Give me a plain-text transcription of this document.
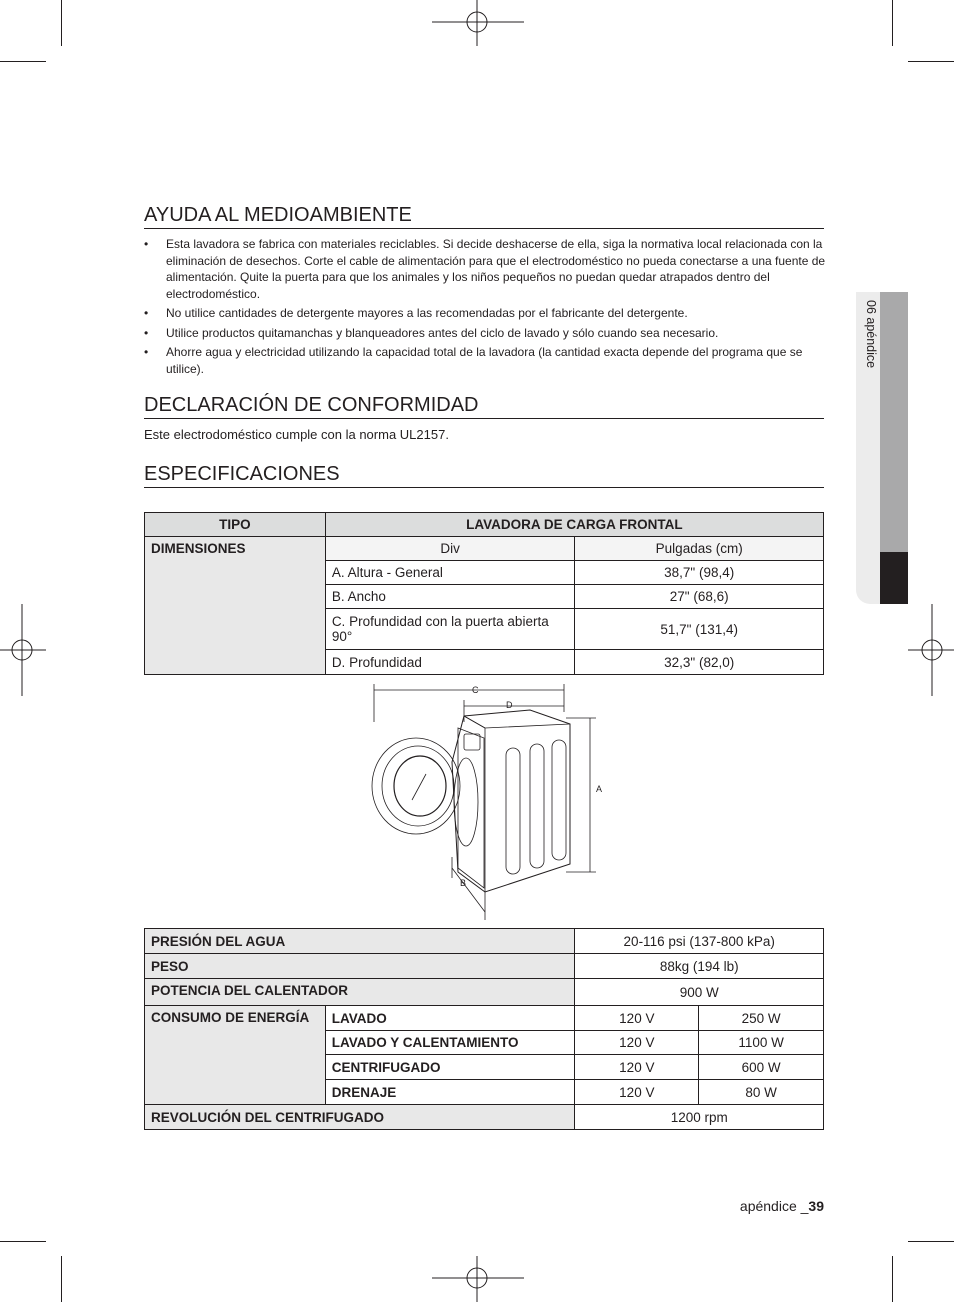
06 apéndice
AYUDA AL MEDIOAMBIENTE
• Esta lavadora se fabrica con materiales reciclables. Si decide deshacerse de ella, siga la normativa local relacionada con la eliminación de desechos. Corte el cable de alimentación para que el electrodoméstico no pueda conectarse a una fuente de alimentación. Quite la puerta para que los animales y los niños pequeños no puedan quedar atrapados dentro del electrodoméstico.
• No utilice cantidades de detergente mayores a las recomendadas por el fabricante del detergente.
• Utilice productos quitamanchas y blanqueadores antes del ciclo de lavado y sólo cuando sea necesario.
• Ahorre agua y electricidad utilizando la capacidad total de la lavadora (la cantidad exacta depende del programa que se utilice).
DECLARACIÓN DE CONFORMIDAD
Este electrodoméstico cumple con la norma UL2157.
ESPECIFICACIONES
TIPO	LAVADORA DE CARGA FRONTAL	
DIMENSIONES	Div	Pulgadas (cm)
	A. Altura - General	38,7" (98,4)
	B. Ancho	27" (68,6)
	C. Profundidad con la puerta abierta 90°	51,7" (131,4)
	D. Profundidad	32,3" (82,0)
C
D
A
B
PRESIÓN DEL AGUA		20-116 psi (137-800 kPa)	
PESO		88kg (194 lb)	
POTENCIA DEL CALENTADOR		900 W	
CONSUMO DE ENERGÍA	LAVADO	120 V	250 W
	LAVADO Y CALENTAMIENTO	120 V	1100 W
	CENTRIFUGADO	120 V	600 W
	DRENAJE	120 V	80 W
REVOLUCIÓN DEL CENTRIFUGADO		1200 rpm	
apéndice _39
